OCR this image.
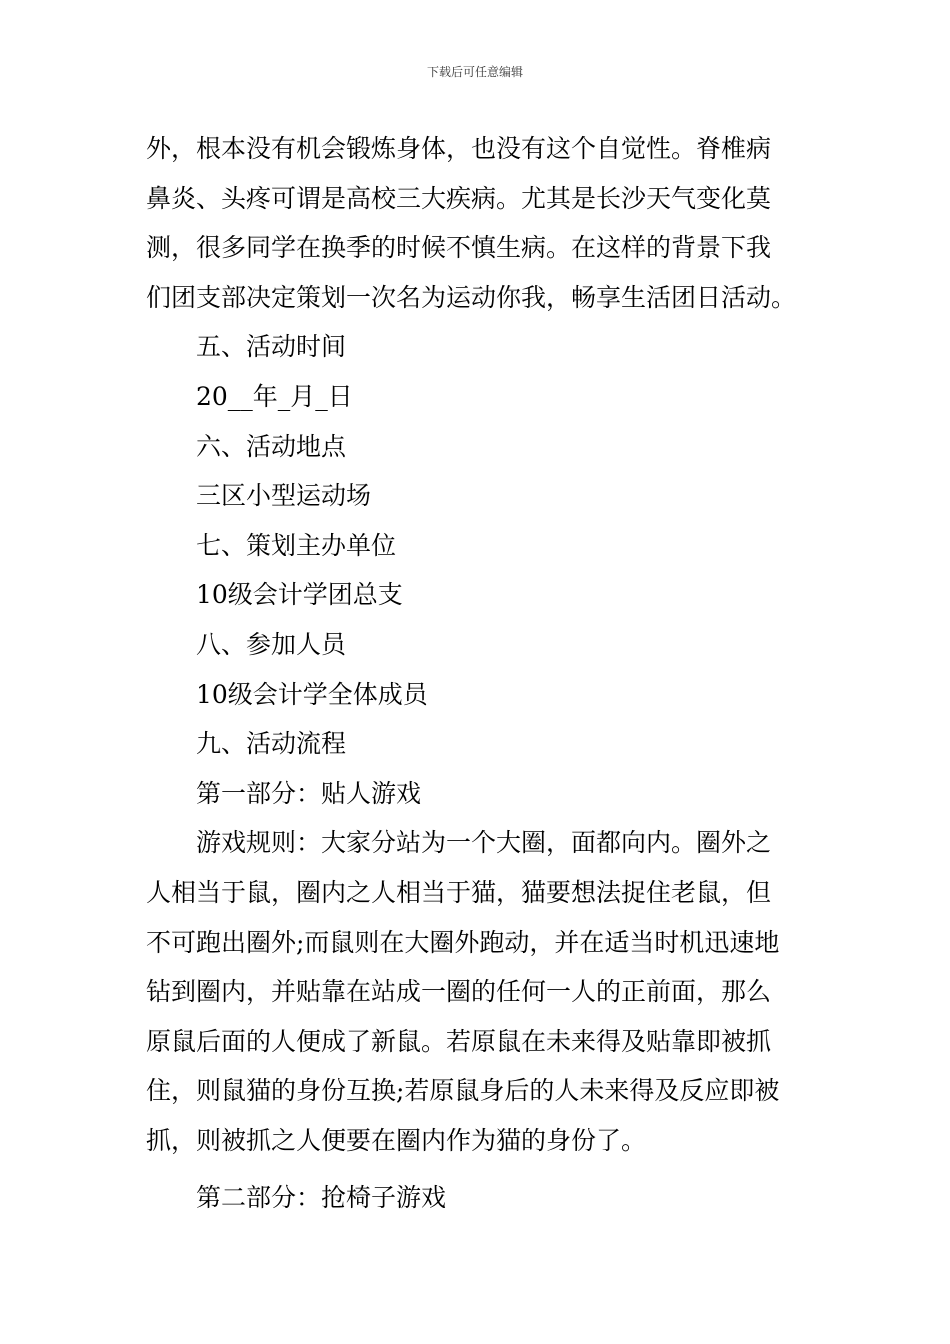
下载后可任意编辑
外，根本没有机会锻炼身体，也没有这个自觉性。脊椎病
鼻炎、头疼可谓是高校三大疾病。尤其是长沙天气变化莫
测，很多同学在换季的时候不慎生病。在这样的背景下我
们团支部决定策划一次名为运动你我，畅享生活团日活动。
五、活动时间
20__年_月_日
六、活动地点
三区小型运动场
七、策划主办单位
10级会计学团总支
八、参加人员
10级会计学全体成员
九、活动流程
第一部分：贴人游戏
游戏规则：大家分站为一个大圈，面都向内。圈外之
人相当于鼠，圈内之人相当于猫，猫要想法捉住老鼠，但
不可跑出圈外;而鼠则在大圈外跑动，并在适当时机迅速地
钻到圈内，并贴靠在站成一圈的任何一人的正前面，那么
原鼠后面的人便成了新鼠。若原鼠在未来得及贴靠即被抓
住，则鼠猫的身份互换;若原鼠身后的人未来得及反应即被
抓，则被抓之人便要在圈内作为猫的身份了。
第二部分：抢椅子游戏
